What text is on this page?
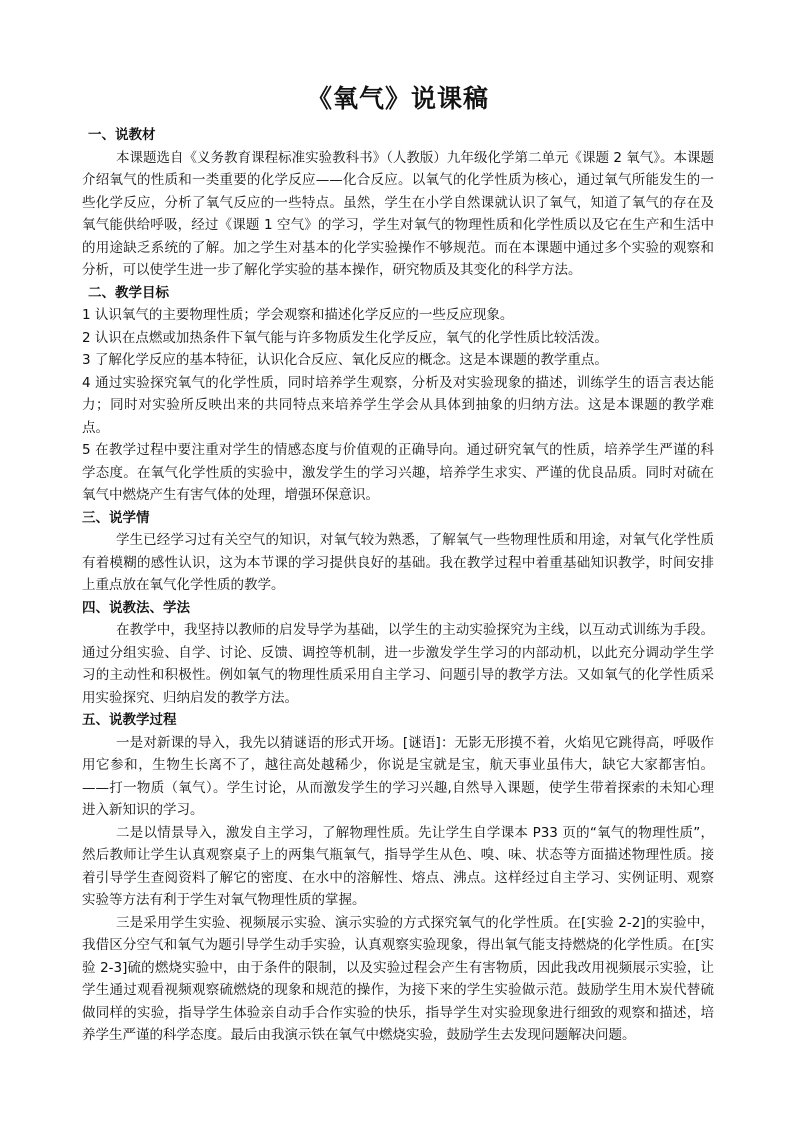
《氧气》说课稿
一、说教材

本课题选自《义务教育课程标准实验教科书》（人教版）九年级化学第二单元《课题 2 氧气》。本课题介绍氧气的性质和一类重要的化学反应——化合反应。以氧气的化学性质为核心，通过氧气所能发生的一些化学反应，分析了氧气反应的一些特点。虽然，学生在小学自然课就认识了氧气，知道了氧气的存在及氧气能供给呼吸，经过《课题 1 空气》的学习，学生对氧气的物理性质和化学性质以及它在生产和生活中的用途缺乏系统的了解。加之学生对基本的化学实验操作不够规范。而在本课题中通过多个实验的观察和分析，可以使学生进一步了解化学实验的基本操作，研究物质及其变化的科学方法。

二、教学目标

1 认识氧气的主要物理性质；学会观察和描述化学反应的一些反应现象。

2 认识在点燃或加热条件下氧气能与许多物质发生化学反应，氧气的化学性质比较活泼。

3 了解化学反应的基本特征，认识化合反应、氧化反应的概念。这是本课题的教学重点。

4 通过实验探究氧气的化学性质，同时培养学生观察，分析及对实验现象的描述，训练学生的语言表达能力；同时对实验所反映出来的共同特点来培养学生学会从具体到抽象的归纳方法。这是本课题的教学难点。

5 在教学过程中要注重对学生的情感态度与价值观的正确导向。通过研究氧气的性质，培养学生严谨的科学态度。在氧气化学性质的实验中，激发学生的学习兴趣，培养学生求实、严谨的优良品质。同时对硫在氧气中燃烧产生有害气体的处理，增强环保意识。

三、说学情

学生已经学习过有关空气的知识，对氧气较为熟悉，了解氧气一些物理性质和用途，对氧气化学性质有着模糊的感性认识，这为本节课的学习提供良好的基础。我在教学过程中着重基础知识教学，时间安排上重点放在氧气化学性质的教学。

四、说教法、学法

在教学中，我坚持以教师的启发导学为基础，以学生的主动实验探究为主线，以互动式训练为手段。通过分组实验、自学、讨论、反馈、调控等机制，进一步激发学生学习的内部动机，以此充分调动学生学习的主动性和积极性。例如氧气的物理性质采用自主学习、问题引导的教学方法。又如氧气的化学性质采用实验探究、归纳启发的教学方法。

五、说教学过程

一是对新课的导入，我先以猜谜语的形式开场。[谜语]：无影无形摸不着，火焰见它跳得高，呼吸作用它参和，生物生长离不了，越往高处越稀少，你说是宝就是宝，航天事业虽伟大，缺它大家都害怕。——打一物质（氧气）。学生讨论，从而激发学生的学习兴趣,自然导入课题，使学生带着探索的未知心理进入新知识的学习。

二是以情景导入，激发自主学习，了解物理性质。先让学生自学课本 P33 页的“氧气的物理性质”，然后教师让学生认真观察桌子上的两集气瓶氧气，指导学生从色、嗅、味、状态等方面描述物理性质。接着引导学生查阅资料了解它的密度、在水中的溶解性、熔点、沸点。这样经过自主学习、实例证明、观察实验等方法有利于学生对氧气物理性质的掌握。

三是采用学生实验、视频展示实验、演示实验的方式探究氧气的化学性质。在[实验 2-2]的实验中，我借区分空气和氧气为题引导学生动手实验，认真观察实验现象，得出氧气能支持燃烧的化学性质。在[实验 2-3]硫的燃烧实验中，由于条件的限制，以及实验过程会产生有害物质，因此我改用视频展示实验，让学生通过观看视频观察硫燃烧的现象和规范的操作，为接下来的学生实验做示范。鼓励学生用木炭代替硫做同样的实验，指导学生体验亲自动手合作实验的快乐，指导学生对实验现象进行细致的观察和描述，培养学生严谨的科学态度。最后由我演示铁在氧气中燃烧实验，鼓励学生去发现问题解决问题。
